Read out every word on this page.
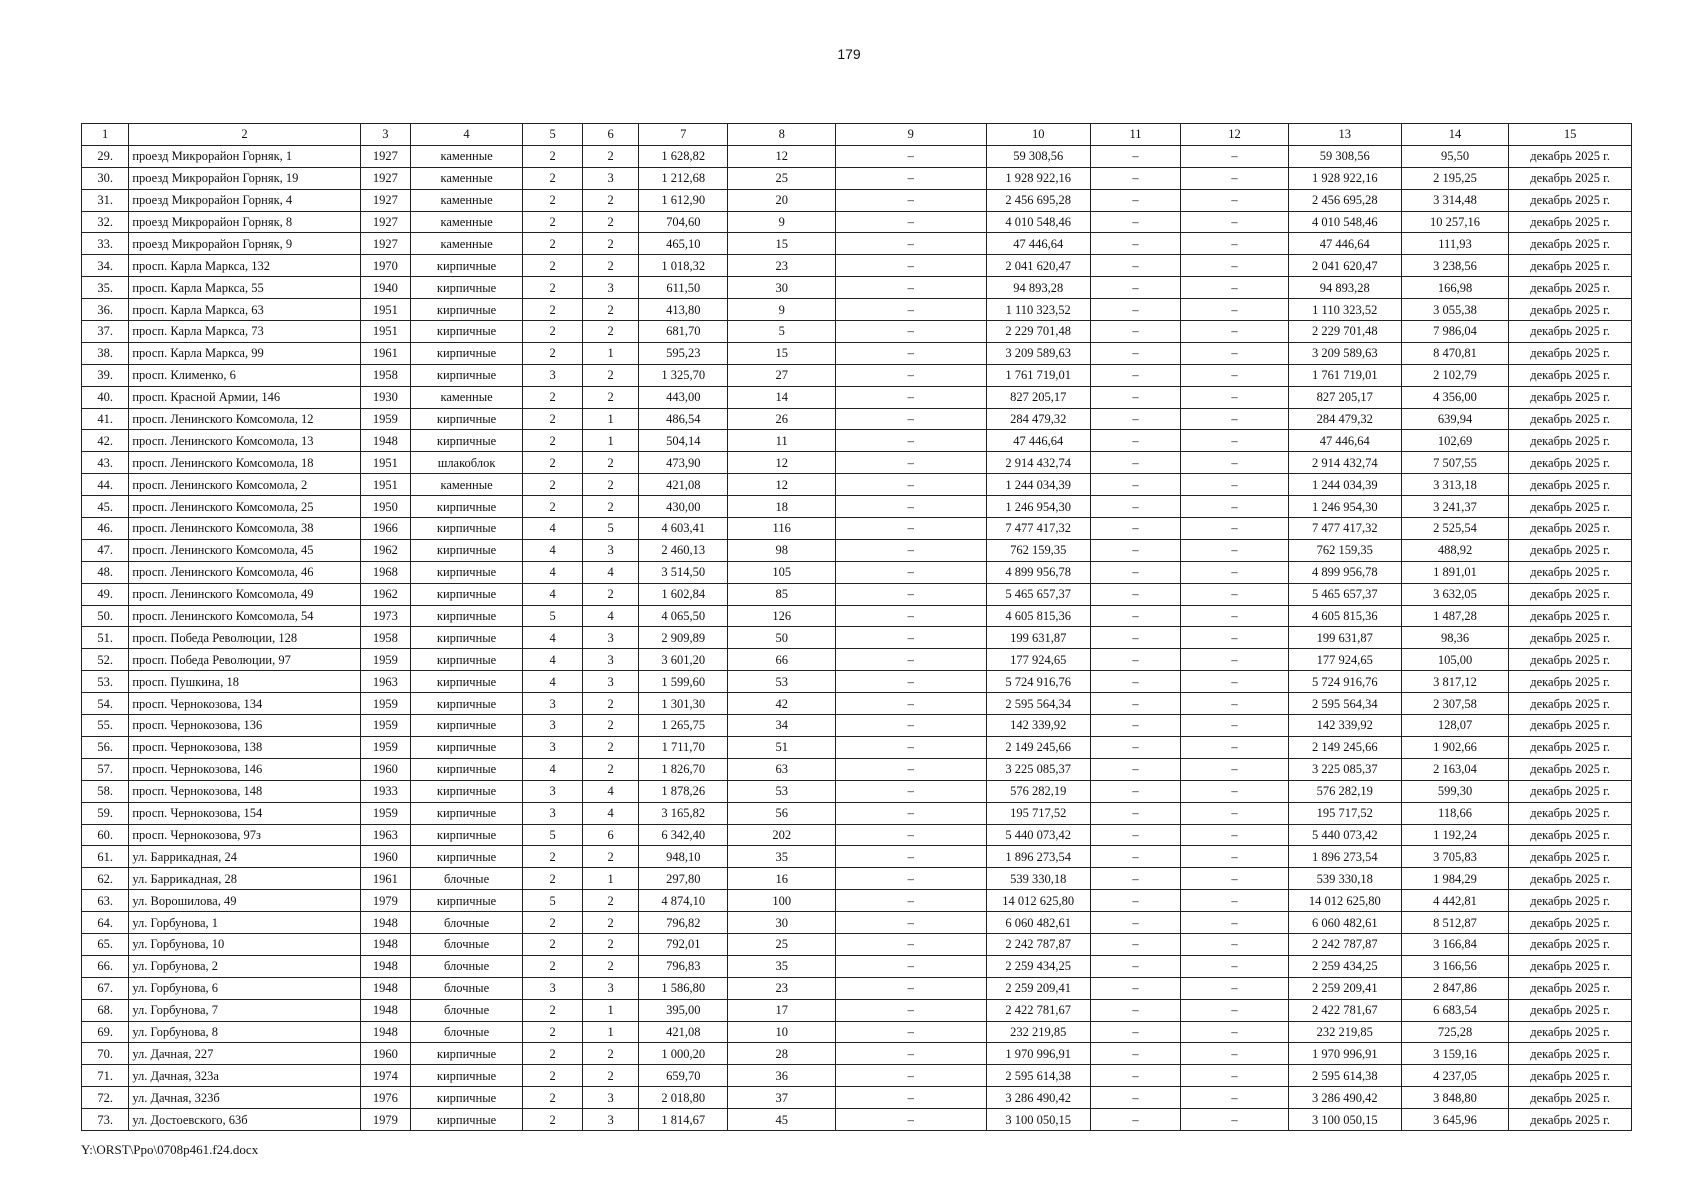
179
1	2	3	4	5	6	7	8	9	10	11	12	13	14	15
29.	проезд Микрорайон Горняк, 1	1927	каменные	2	2	1 628,82	12	–	59 308,56	–	–	59 308,56	95,50	декабрь 2025 г.
30.	проезд Микрорайон Горняк, 19	1927	каменные	2	3	1 212,68	25	–	1 928 922,16	–	–	1 928 922,16	2 195,25	декабрь 2025 г.
31.	проезд Микрорайон Горняк, 4	1927	каменные	2	2	1 612,90	20	–	2 456 695,28	–	–	2 456 695,28	3 314,48	декабрь 2025 г.
32.	проезд Микрорайон Горняк, 8	1927	каменные	2	2	704,60	9	–	4 010 548,46	–	–	4 010 548,46	10 257,16	декабрь 2025 г.
33.	проезд Микрорайон Горняк, 9	1927	каменные	2	2	465,10	15	–	47 446,64	–	–	47 446,64	111,93	декабрь 2025 г.
34.	просп. Карла Маркса, 132	1970	кирпичные	2	2	1 018,32	23	–	2 041 620,47	–	–	2 041 620,47	3 238,56	декабрь 2025 г.
35.	просп. Карла Маркса, 55	1940	кирпичные	2	3	611,50	30	–	94 893,28	–	–	94 893,28	166,98	декабрь 2025 г.
36.	просп. Карла Маркса, 63	1951	кирпичные	2	2	413,80	9	–	1 110 323,52	–	–	1 110 323,52	3 055,38	декабрь 2025 г.
37.	просп. Карла Маркса, 73	1951	кирпичные	2	2	681,70	5	–	2 229 701,48	–	–	2 229 701,48	7 986,04	декабрь 2025 г.
38.	просп. Карла Маркса, 99	1961	кирпичные	2	1	595,23	15	–	3 209 589,63	–	–	3 209 589,63	8 470,81	декабрь 2025 г.
39.	просп. Клименко, 6	1958	кирпичные	3	2	1 325,70	27	–	1 761 719,01	–	–	1 761 719,01	2 102,79	декабрь 2025 г.
40.	просп. Красной Армии, 146	1930	каменные	2	2	443,00	14	–	827 205,17	–	–	827 205,17	4 356,00	декабрь 2025 г.
41.	просп. Ленинского Комсомола, 12	1959	кирпичные	2	1	486,54	26	–	284 479,32	–	–	284 479,32	639,94	декабрь 2025 г.
42.	просп. Ленинского Комсомола, 13	1948	кирпичные	2	1	504,14	11	–	47 446,64	–	–	47 446,64	102,69	декабрь 2025 г.
43.	просп. Ленинского Комсомола, 18	1951	шлакоблок	2	2	473,90	12	–	2 914 432,74	–	–	2 914 432,74	7 507,55	декабрь 2025 г.
44.	просп. Ленинского Комсомола, 2	1951	каменные	2	2	421,08	12	–	1 244 034,39	–	–	1 244 034,39	3 313,18	декабрь 2025 г.
45.	просп. Ленинского Комсомола, 25	1950	кирпичные	2	2	430,00	18	–	1 246 954,30	–	–	1 246 954,30	3 241,37	декабрь 2025 г.
46.	просп. Ленинского Комсомола, 38	1966	кирпичные	4	5	4 603,41	116	–	7 477 417,32	–	–	7 477 417,32	2 525,54	декабрь 2025 г.
47.	просп. Ленинского Комсомола, 45	1962	кирпичные	4	3	2 460,13	98	–	762 159,35	–	–	762 159,35	488,92	декабрь 2025 г.
48.	просп. Ленинского Комсомола, 46	1968	кирпичные	4	4	3 514,50	105	–	4 899 956,78	–	–	4 899 956,78	1 891,01	декабрь 2025 г.
49.	просп. Ленинского Комсомола, 49	1962	кирпичные	4	2	1 602,84	85	–	5 465 657,37	–	–	5 465 657,37	3 632,05	декабрь 2025 г.
50.	просп. Ленинского Комсомола, 54	1973	кирпичные	5	4	4 065,50	126	–	4 605 815,36	–	–	4 605 815,36	1 487,28	декабрь 2025 г.
51.	просп. Победа Революции, 128	1958	кирпичные	4	3	2 909,89	50	–	199 631,87	–	–	199 631,87	98,36	декабрь 2025 г.
52.	просп. Победа Революции, 97	1959	кирпичные	4	3	3 601,20	66	–	177 924,65	–	–	177 924,65	105,00	декабрь 2025 г.
53.	просп. Пушкина, 18	1963	кирпичные	4	3	1 599,60	53	–	5 724 916,76	–	–	5 724 916,76	3 817,12	декабрь 2025 г.
54.	просп. Чернокозова, 134	1959	кирпичные	3	2	1 301,30	42	–	2 595 564,34	–	–	2 595 564,34	2 307,58	декабрь 2025 г.
55.	просп. Чернокозова, 136	1959	кирпичные	3	2	1 265,75	34	–	142 339,92	–	–	142 339,92	128,07	декабрь 2025 г.
56.	просп. Чернокозова, 138	1959	кирпичные	3	2	1 711,70	51	–	2 149 245,66	–	–	2 149 245,66	1 902,66	декабрь 2025 г.
57.	просп. Чернокозова, 146	1960	кирпичные	4	2	1 826,70	63	–	3 225 085,37	–	–	3 225 085,37	2 163,04	декабрь 2025 г.
58.	просп. Чернокозова, 148	1933	кирпичные	3	4	1 878,26	53	–	576 282,19	–	–	576 282,19	599,30	декабрь 2025 г.
59.	просп. Чернокозова, 154	1959	кирпичные	3	4	3 165,82	56	–	195 717,52	–	–	195 717,52	118,66	декабрь 2025 г.
60.	просп. Чернокозова, 97з	1963	кирпичные	5	6	6 342,40	202	–	5 440 073,42	–	–	5 440 073,42	1 192,24	декабрь 2025 г.
61.	ул. Баррикадная, 24	1960	кирпичные	2	2	948,10	35	–	1 896 273,54	–	–	1 896 273,54	3 705,83	декабрь 2025 г.
62.	ул. Баррикадная, 28	1961	блочные	2	1	297,80	16	–	539 330,18	–	–	539 330,18	1 984,29	декабрь 2025 г.
63.	ул. Ворошилова, 49	1979	кирпичные	5	2	4 874,10	100	–	14 012 625,80	–	–	14 012 625,80	4 442,81	декабрь 2025 г.
64.	ул. Горбунова, 1	1948	блочные	2	2	796,82	30	–	6 060 482,61	–	–	6 060 482,61	8 512,87	декабрь 2025 г.
65.	ул. Горбунова, 10	1948	блочные	2	2	792,01	25	–	2 242 787,87	–	–	2 242 787,87	3 166,84	декабрь 2025 г.
66.	ул. Горбунова, 2	1948	блочные	2	2	796,83	35	–	2 259 434,25	–	–	2 259 434,25	3 166,56	декабрь 2025 г.
67.	ул. Горбунова, 6	1948	блочные	3	3	1 586,80	23	–	2 259 209,41	–	–	2 259 209,41	2 847,86	декабрь 2025 г.
68.	ул. Горбунова, 7	1948	блочные	2	1	395,00	17	–	2 422 781,67	–	–	2 422 781,67	6 683,54	декабрь 2025 г.
69.	ул. Горбунова, 8	1948	блочные	2	1	421,08	10	–	232 219,85	–	–	232 219,85	725,28	декабрь 2025 г.
70.	ул. Дачная, 227	1960	кирпичные	2	2	1 000,20	28	–	1 970 996,91	–	–	1 970 996,91	3 159,16	декабрь 2025 г.
71.	ул. Дачная, 323а	1974	кирпичные	2	2	659,70	36	–	2 595 614,38	–	–	2 595 614,38	4 237,05	декабрь 2025 г.
72.	ул. Дачная, 323б	1976	кирпичные	2	3	2 018,80	37	–	3 286 490,42	–	–	3 286 490,42	3 848,80	декабрь 2025 г.
73.	ул. Достоевского, 63б	1979	кирпичные	2	3	1 814,67	45	–	3 100 050,15	–	–	3 100 050,15	3 645,96	декабрь 2025 г.
Y:\ORST\Ppo\0708p461.f24.docx
